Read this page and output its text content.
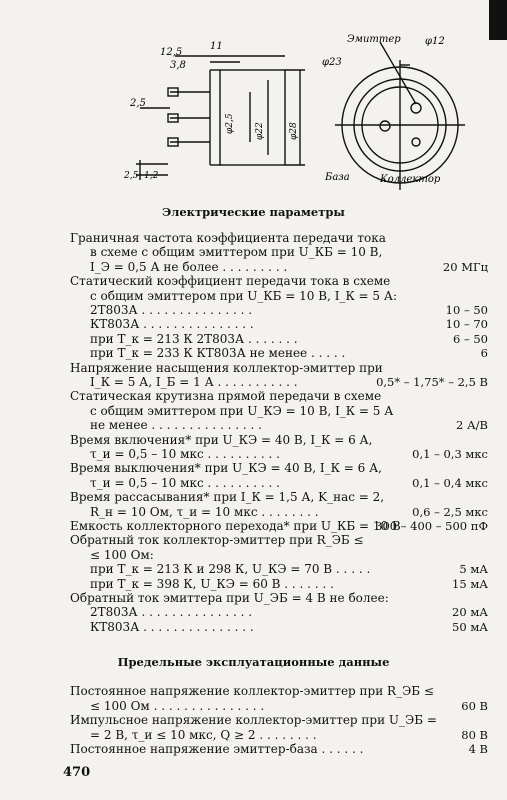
12,5
11
3,8
2,5
2,5 1,2
φ2,5 φ22	φ28
Эмиттер φ12
φ23
База	Коллектор
Электрические параметры
Граничная частота коэффициента передачи тока
в схеме с общим эмиттером при U_КБ = 10 В,
I_Э = 0,5 А не более . . . . . . . . .	20 МГц
Статический коэффициент передачи тока в схеме
с общим эмиттером при U_КБ = 10 В, I_К = 5 А:
2Т803А . . . . . . . . . . . . . . .	10 – 50
КТ803А . . . . . . . . . . . . . . .	10 – 70
при T_к = 213 К 2Т803А . . . . . . .	6 – 50
при T_к = 233 К КТ803А не менее . . . . .	6
Напряжение насыщения коллектор-эмиттер при
I_К = 5 А, I_Б = 1 А . . . . . . . . . . .	0,5* – 1,75* – 2,5 В
Статическая крутизна прямой передачи в схеме
с общим эмиттером при U_КЭ = 10 В, I_К = 5 А
не менее . . . . . . . . . . . . . . .	2 А/В
Время включения* при U_КЭ = 40 В, I_К = 6 А,
τ_и = 0,5 – 10 мкс . . . . . . . . . .	0,1 – 0,3 мкс
Время выключения* при U_КЭ = 40 В, I_К = 6 А,
τ_и = 0,5 – 10 мкс . . . . . . . . . .	0,1 – 0,4 мкс
Время рассасывания* при I_К = 1,5 А, K_нас = 2,
R_н = 10 Ом, τ_и = 10 мкс . . . . . . . .	0,6 – 2,5 мкс
Емкость коллекторного перехода* при U_КБ = 10 В
300 – 400 – 500 пФ
Обратный ток коллектор-эмиттер при R_ЭБ ≤
≤ 100 Ом:
при T_к = 213 К и 298 К, U_КЭ = 70 В . . . . .	5 мА
при T_к = 398 К, U_КЭ = 60 В . . . . . . .	15 мА
Обратный ток эмиттера при U_ЭБ = 4 В не более:
2Т803А . . . . . . . . . . . . . . .	20 мА
КТ803А . . . . . . . . . . . . . . .	50 мА
Предельные эксплуатационные данные
Постоянное напряжение коллектор-эмиттер при R_ЭБ ≤
≤ 100 Ом . . . . . . . . . . . . . . .	60 В
Импульсное напряжение коллектор-эмиттер при U_ЭБ =
= 2 В, τ_и ≤ 10 мкс, Q ≥ 2 . . . . . . . .	80 В
Постоянное напряжение эмиттер-база . . . . . .	4 В
470
